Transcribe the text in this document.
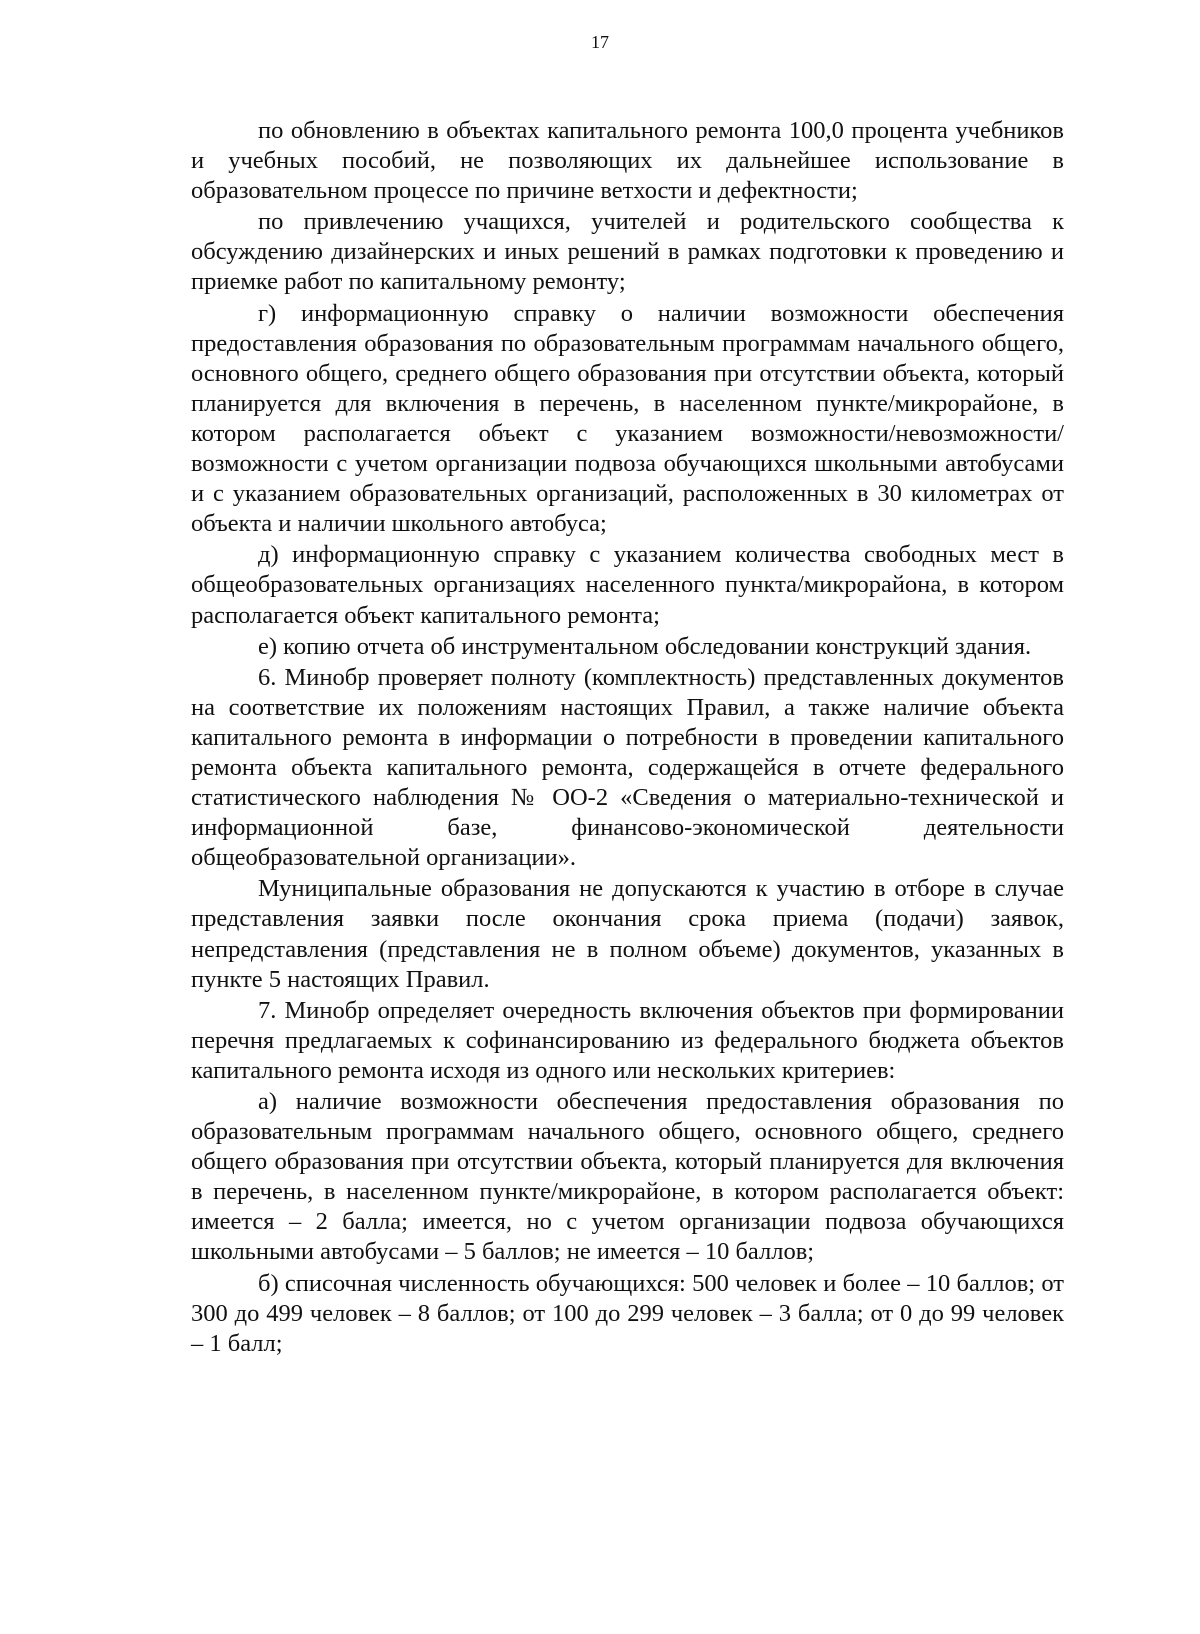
17

по обновлению в объектах капитального ремонта 100,0 процента учебников и учебных пособий, не позволяющих их дальнейшее использование в образовательном процессе по причине ветхости и дефектности;

по привлечению учащихся, учителей и родительского сообщества к обсуждению дизайнерских и иных решений в рамках подготовки к проведению и приемке работ по капитальному ремонту;

г) информационную справку о наличии возможности обеспечения предоставления образования по образовательным программам начального общего, основного общего, среднего общего образования при отсутствии объекта, который планируется для включения в перечень, в населенном пункте/микрорайоне, в котором располагается объект с указанием возможности/невозможности/возможности с учетом организации подвоза обучающихся школьными автобусами и с указанием образовательных организаций, расположенных в 30 километрах от объекта и наличии школьного автобуса;

д) информационную справку с указанием количества свободных мест в общеобразовательных организациях населенного пункта/микрорайона, в котором располагается объект капитального ремонта;

е) копию отчета об инструментальном обследовании конструкций здания.

6. Минобр проверяет полноту (комплектность) представленных документов на соответствие их положениям настоящих Правил, а также наличие объекта капитального ремонта в информации о потребности в проведении капитального ремонта объекта капитального ремонта, содержащейся в отчете федерального статистического наблюдения № ОО-2 «Сведения о материально-технической и информационной базе, финансово-экономической деятельности общеобразовательной организации».

Муниципальные образования не допускаются к участию в отборе в случае представления заявки после окончания срока приема (подачи) заявок, непредставления (представления не в полном объеме) документов, указанных в пункте 5 настоящих Правил.

7. Минобр определяет очередность включения объектов при формировании перечня предлагаемых к софинансированию из федерального бюджета объектов капитального ремонта исходя из одного или нескольких критериев:

а) наличие возможности обеспечения предоставления образования по образовательным программам начального общего, основного общего, среднего общего образования при отсутствии объекта, который планируется для включения в перечень, в населенном пункте/микрорайоне, в котором располагается объект: имеется – 2 балла; имеется, но с учетом организации подвоза обучающихся школьными автобусами – 5 баллов; не имеется – 10 баллов;

б) списочная численность обучающихся: 500 человек и более – 10 баллов; от 300 до 499 человек – 8 баллов; от 100 до 299 человек – 3 балла; от 0 до 99 человек – 1 балл;
